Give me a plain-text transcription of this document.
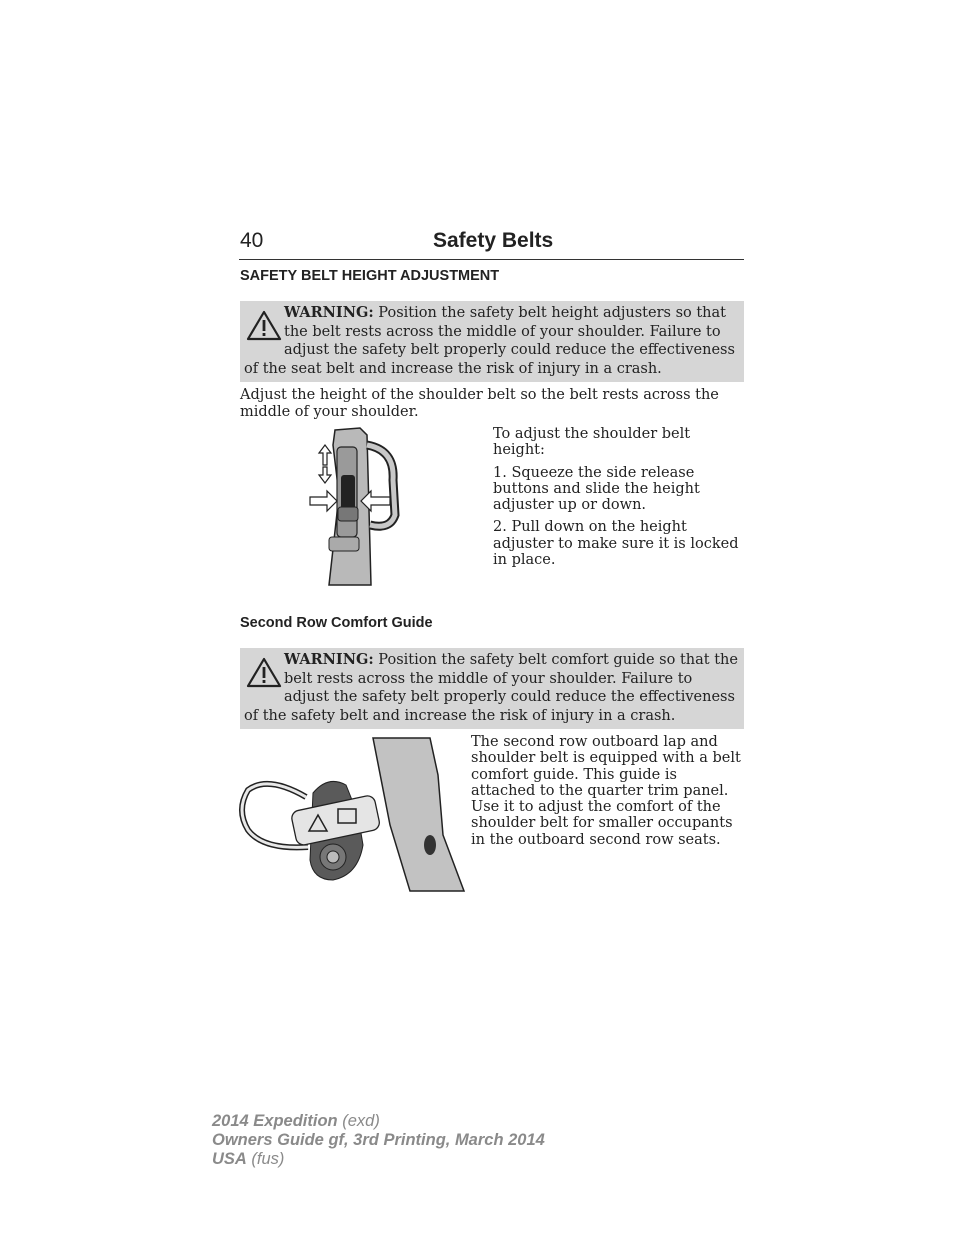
40	Safety Belts
SAFETY BELT HEIGHT ADJUSTMENT
WARNING: Position the safety belt height adjusters so that the belt rests across the middle of your shoulder. Failure to adjust the safety belt properly could reduce the effectiveness of the seat belt and increase the risk of injury in a crash.
Adjust the height of the shoulder belt so the belt rests across the middle of your shoulder.

To adjust the shoulder belt height:

1. Squeeze the side release buttons and slide the height adjuster up or down.

2. Pull down on the height adjuster to make sure it is locked in place.

Second Row Comfort Guide
WARNING: Position the safety belt comfort guide so that the belt rests across the middle of your shoulder. Failure to adjust the safety belt properly could reduce the effectiveness of the safety belt and increase the risk of injury in a crash.
The second row outboard lap and shoulder belt is equipped with a belt comfort guide. This guide is attached to the quarter trim panel. Use it to adjust the comfort of the shoulder belt for smaller occupants in the outboard second row seats.
2014 Expedition (exd)
Owners Guide gf, 3rd Printing, March 2014
USA (fus)
